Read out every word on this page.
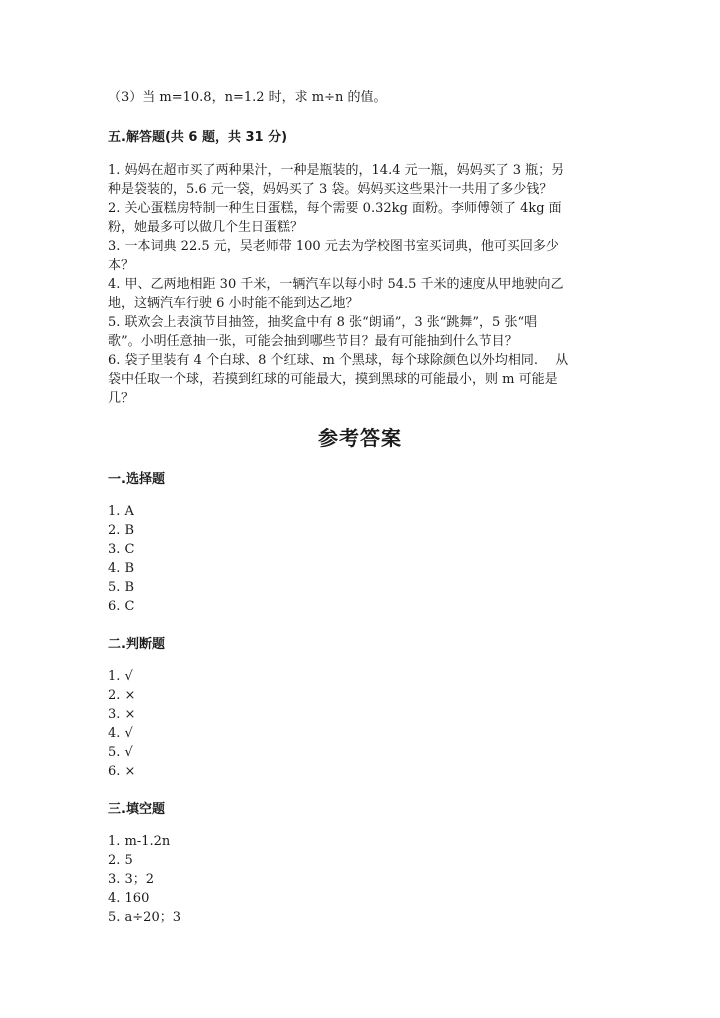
（3）当 m=10.8，n=1.2 时，求 m÷n 的值。
五.解答题(共 6 题，共 31 分)
1. 妈妈在超市买了两种果汁，一种是瓶装的，14.4 元一瓶，妈妈买了 3 瓶；另
种是袋装的，5.6 元一袋，妈妈买了 3 袋。妈妈买这些果汁一共用了多少钱？
2. 关心蛋糕房特制一种生日蛋糕，每个需要 0.32kg 面粉。李师傅领了 4kg 面
粉，她最多可以做几个生日蛋糕？
3. 一本词典 22.5 元，吴老师带 100 元去为学校图书室买词典，他可买回多少
本？
4. 甲、乙两地相距 30 千米，一辆汽车以每小时 54.5 千米的速度从甲地驶向乙
地，这辆汽车行驶 6 小时能不能到达乙地？
5. 联欢会上表演节目抽签，抽奖盒中有 8 张“朗诵”，3 张“跳舞”，5 张“唱
歌”。小明任意抽一张，可能会抽到哪些节目？最有可能抽到什么节目？
6. 袋子里装有 4 个白球、8 个红球、m 个黑球，每个球除颜色以外均相同.　 从
袋中任取一个球，若摸到红球的可能最大，摸到黑球的可能最小，则 m 可能是
几？
参考答案
一.选择题
1. A
2. B
3. C
4. B
5. B
6. C
二.判断题
1. √
2. ×
3. ×
4. √
5. √
6. ×
三.填空题
1. m-1.2n
2. 5
3. 3；2
4. 160
5. a÷20；3
